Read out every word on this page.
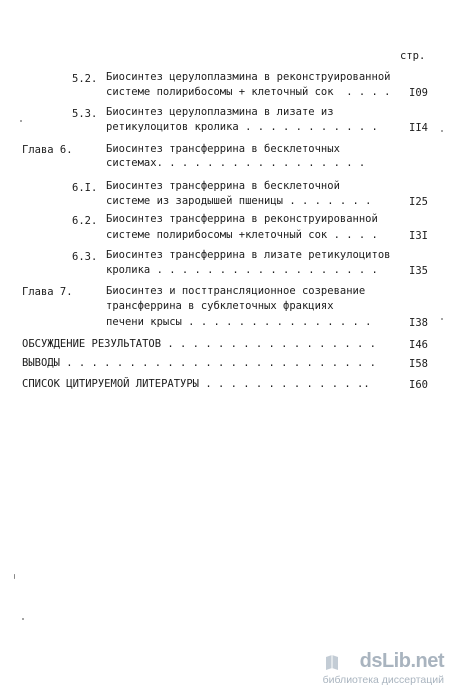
стр.
5.2. Биосинтез церулоплазмина в реконструированной
системе полирибосомы + клеточный сок  . . . .	I09
5.3. Биосинтез церулоплазмина в лизате из
ретикулоцитов кролика . . . . . . . . . . .	II4
Глава 6.	Биосинтез трансферрина в бесклеточных
системах. . . . . . . . . . . . . . . . .
6.I. Биосинтез трансферрина в бесклеточной
системе из зародышей пшеницы . . . . . . .	I25
6.2. Биосинтез трансферрина в реконструированной
системе полирибосомы +клеточный сок . . . .	I3I
6.3. Биосинтез трансферрина в лизате ретикулоцитов
кролика . . . . . . . . . . . . . . . . . .	I35
Глава 7.	Биосинтез и посттрансляционное созревание
трансферрина в субклеточных фракциях
печени крысы . . . . . . . . . . . . . . .	I38
ОБСУЖДЕНИЕ РЕЗУЛЬТАТОВ . . . . . . . . . . . . . . . . .	I46
ВЫВОДЫ . . . . . . . . . . . . . . . . . . . . . . . . .	I58
СПИСОК ЦИТИРУЕМОЙ ЛИТЕРАТУРЫ . . . . . . . . . . . . ..	I60
dsLib.net
библиотека диссертаций
